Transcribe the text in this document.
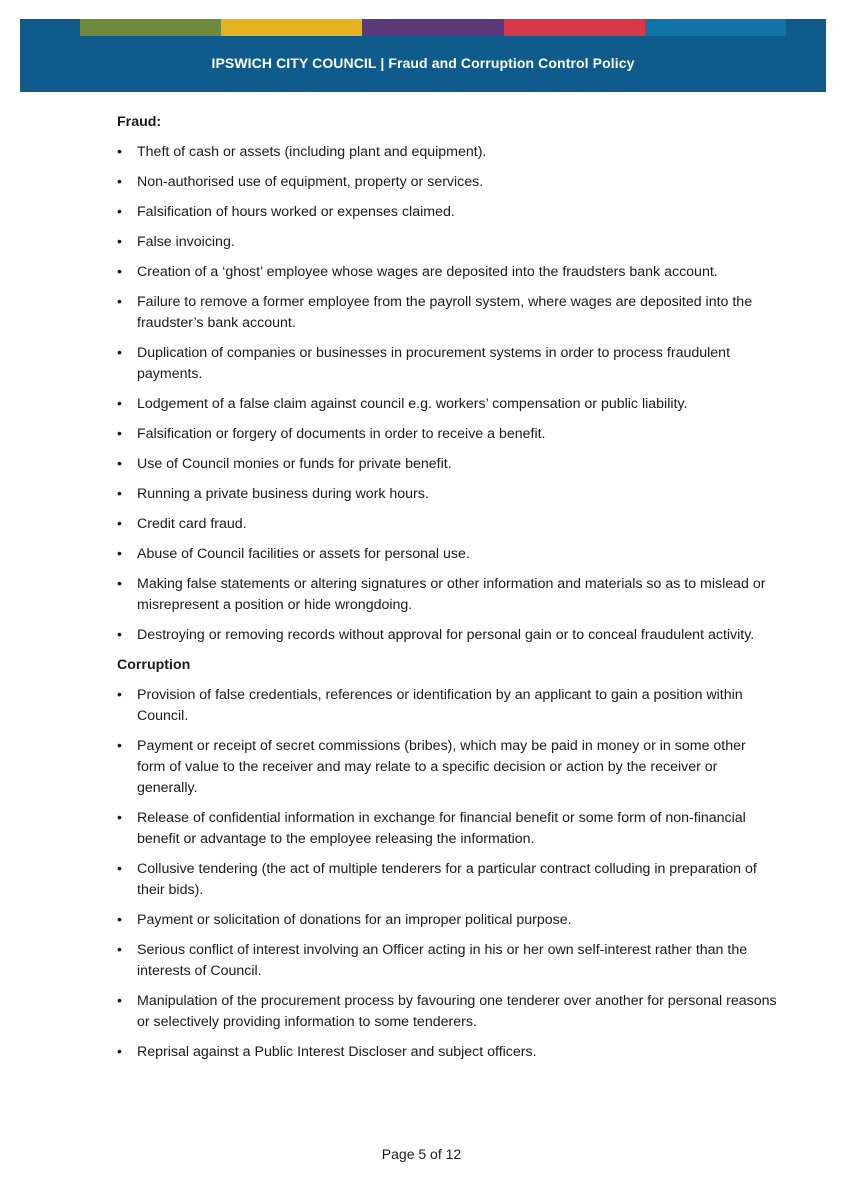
IPSWICH CITY COUNCIL | Fraud and Corruption Control Policy
Fraud:
•	Theft of cash or assets (including plant and equipment).
•	Non-authorised use of equipment, property or services.
•	Falsification of hours worked or expenses claimed.
•	False invoicing.
•	Creation of a ‘ghost’ employee whose wages are deposited into the fraudsters bank account.
•	Failure to remove a former employee from the payroll system, where wages are deposited into the fraudster’s bank account.
•	Duplication of companies or businesses in procurement systems in order to process fraudulent payments.
•	Lodgement of a false claim against council e.g. workers’ compensation or public liability.
•	Falsification or forgery of documents in order to receive a benefit.
•	Use of Council monies or funds for private benefit.
•	Running a private business during work hours.
•	Credit card fraud.
•	Abuse of Council facilities or assets for personal use.
•	Making false statements or altering signatures or other information and materials so as to mislead or misrepresent a position or hide wrongdoing.
•	Destroying or removing records without approval for personal gain or to conceal fraudulent activity.
Corruption
•	Provision of false credentials, references or identification by an applicant to gain a position within Council.
•	Payment or receipt of secret commissions (bribes), which may be paid in money or in some other form of value to the receiver and may relate to a specific decision or action by the receiver or generally.
•	Release of confidential information in exchange for financial benefit or some form of non-financial benefit or advantage to the employee releasing the information.
•	Collusive tendering (the act of multiple tenderers for a particular contract colluding in preparation of their bids).
•	Payment or solicitation of donations for an improper political purpose.
•	Serious conflict of interest involving an Officer acting in his or her own self-interest rather than the interests of Council.
•	Manipulation of the procurement process by favouring one tenderer over another for personal reasons or selectively providing information to some tenderers.
•	Reprisal against a Public Interest Discloser and subject officers.
Page 5 of 12
